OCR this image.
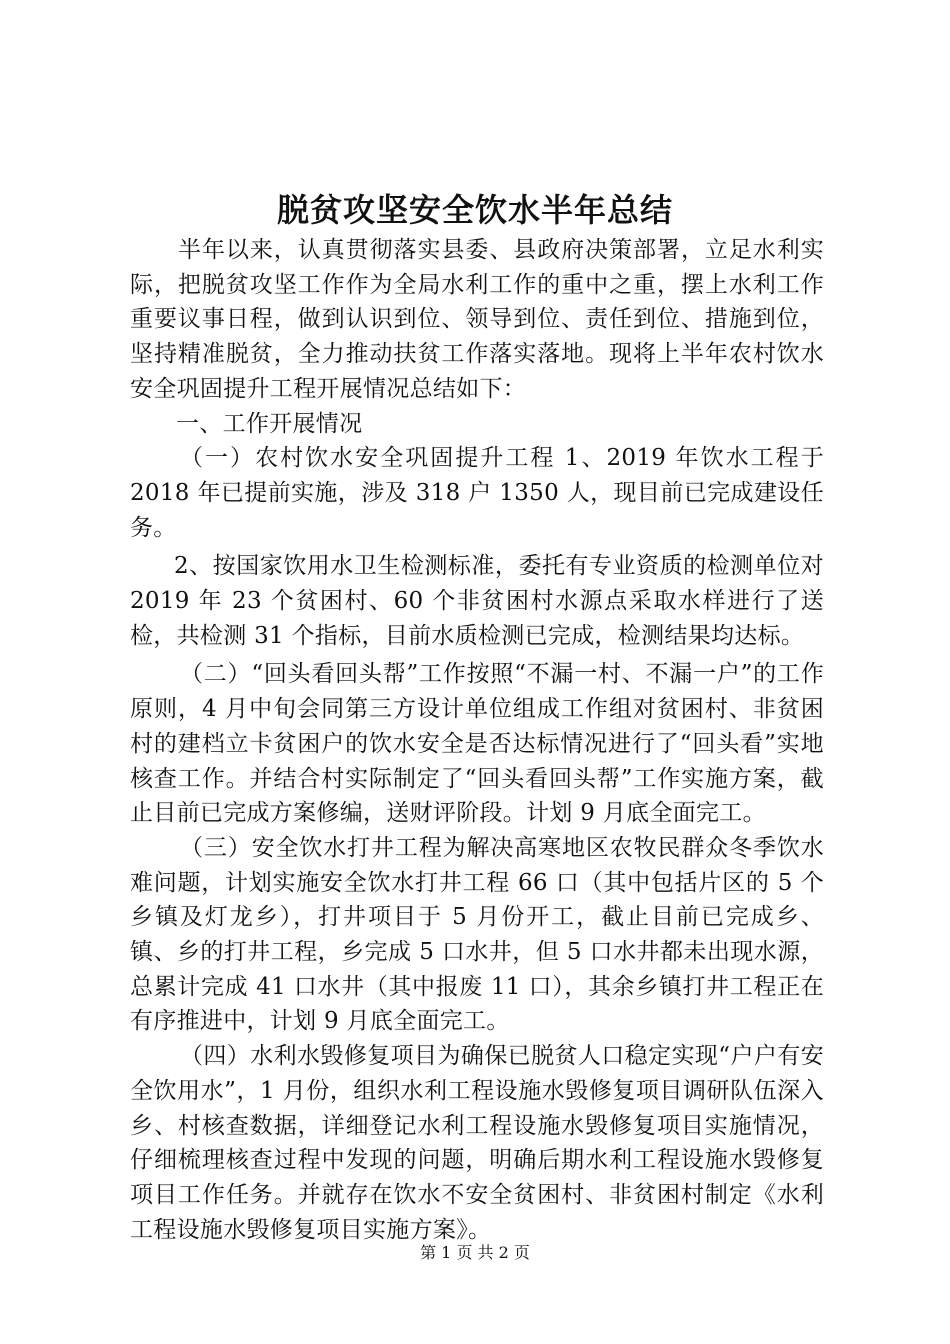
脱贫攻坚安全饮水半年总结

半年以来，认真贯彻落实县委、县政府决策部署，立足水利实际，把脱贫攻坚工作作为全局水利工作的重中之重，摆上水利工作重要议事日程，做到认识到位、领导到位、责任到位、措施到位，坚持精准脱贫，全力推动扶贫工作落实落地。现将上半年农村饮水安全巩固提升工程开展情况总结如下：

一、工作开展情况

（一）农村饮水安全巩固提升工程 1、2019 年饮水工程于 2018 年已提前实施，涉及 318 户 1350 人，现目前已完成建设任务。

2、按国家饮用水卫生检测标准，委托有专业资质的检测单位对 2019 年 23 个贫困村、60 个非贫困村水源点采取水样进行了送检，共检测 31 个指标，目前水质检测已完成，检测结果均达标。

（二）“回头看回头帮”工作按照“不漏一村、不漏一户”的工作原则，4 月中旬会同第三方设计单位组成工作组对贫困村、非贫困村的建档立卡贫困户的饮水安全是否达标情况进行了“回头看”实地核查工作。并结合村实际制定了“回头看回头帮”工作实施方案，截止目前已完成方案修编，送财评阶段。计划 9 月底全面完工。

（三）安全饮水打井工程为解决高寒地区农牧民群众冬季饮水难问题，计划实施安全饮水打井工程 66 口（其中包括片区的 5 个乡镇及灯龙乡），打井项目于 5 月份开工，截止目前已完成乡、镇、乡的打井工程，乡完成 5 口水井，但 5 口水井都未出现水源，总累计完成 41 口水井（其中报废 11 口），其余乡镇打井工程正在有序推进中，计划 9 月底全面完工。

（四）水利水毁修复项目为确保已脱贫人口稳定实现“户户有安全饮用水”，1 月份，组织水利工程设施水毁修复项目调研队伍深入乡、村核查数据，详细登记水利工程设施水毁修复项目实施情况，仔细梳理核查过程中发现的问题，明确后期水利工程设施水毁修复项目工作任务。并就存在饮水不安全贫困村、非贫困村制定《水利工程设施水毁修复项目实施方案》。

第 1 页 共 2 页
